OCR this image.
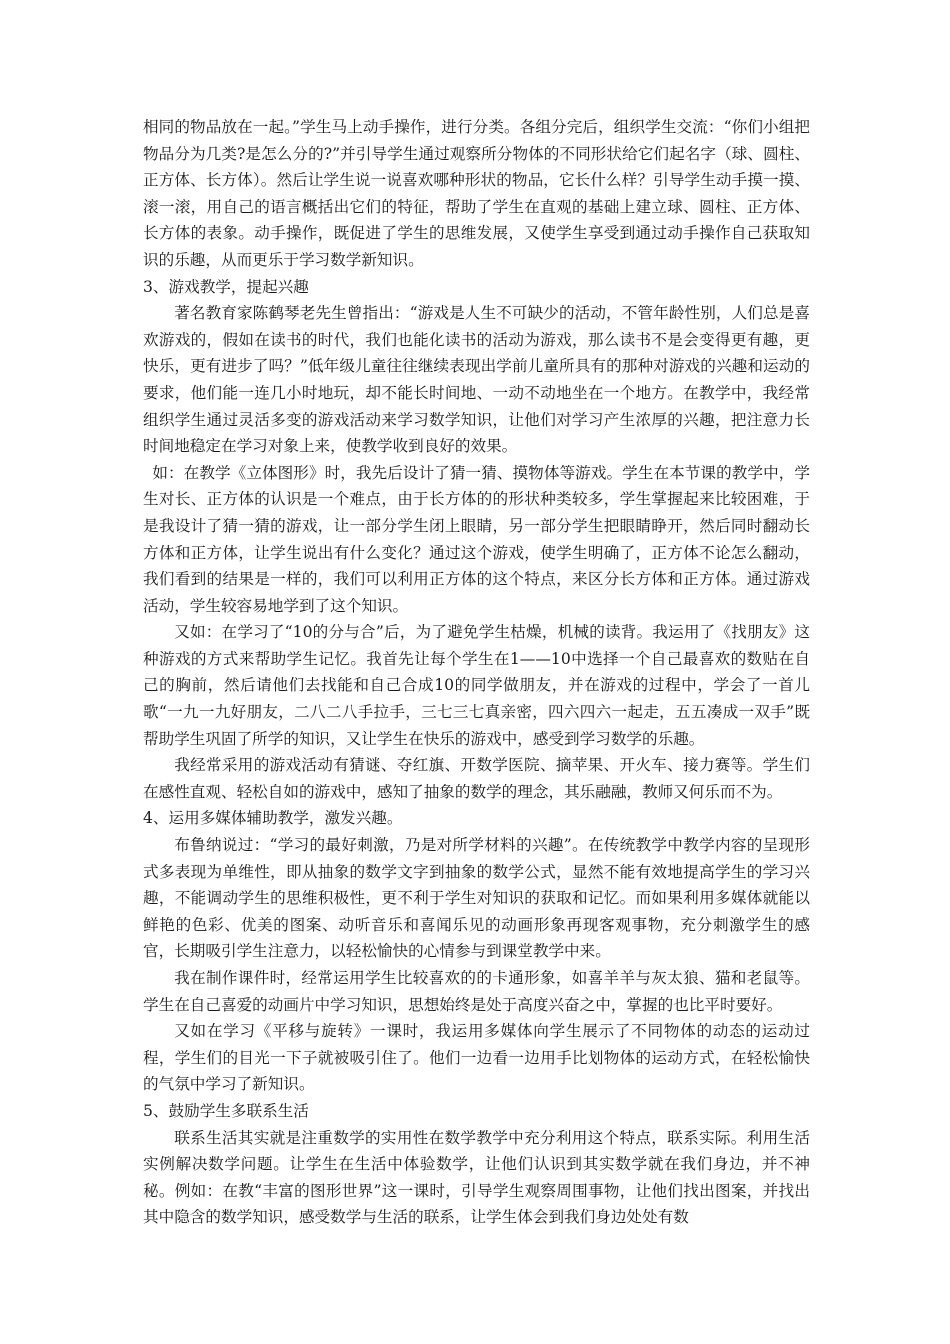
相同的物品放在一起。”学生马上动手操作，进行分类。各组分完后，组织学生交流：“你们小组把物品分为几类?是怎么分的?”并引导学生通过观察所分物体的不同形状给它们起名字（球、圆柱、正方体、长方体）。然后让学生说一说喜欢哪种形状的物品，它长什么样？引导学生动手摸一摸、滚一滚，用自己的语言概括出它们的特征，帮助了学生在直观的基础上建立球、圆柱、正方体、长方体的表象。动手操作，既促进了学生的思维发展，又使学生享受到通过动手操作自己获取知识的乐趣，从而更乐于学习数学新知识。

3、游戏教学，提起兴趣

著名教育家陈鹤琴老先生曾指出：“游戏是人生不可缺少的活动，不管年龄性别，人们总是喜欢游戏的，假如在读书的时代，我们也能化读书的活动为游戏，那么读书不是会变得更有趣，更快乐，更有进步了吗？”低年级儿童往往继续表现出学前儿童所具有的那种对游戏的兴趣和运动的要求，他们能一连几小时地玩，却不能长时间地、一动不动地坐在一个地方。在教学中，我经常组织学生通过灵活多变的游戏活动来学习数学知识，让他们对学习产生浓厚的兴趣，把注意力长时间地稳定在学习对象上来，使教学收到良好的效果。

如：在教学《立体图形》时，我先后设计了猜一猜、摸物体等游戏。学生在本节课的教学中，学生对长、正方体的认识是一个难点，由于长方体的的形状种类较多，学生掌握起来比较困难，于是我设计了猜一猜的游戏，让一部分学生闭上眼睛，另一部分学生把眼睛睁开，然后同时翻动长方体和正方体，让学生说出有什么变化？通过这个游戏，使学生明确了，正方体不论怎么翻动，我们看到的结果是一样的，我们可以利用正方体的这个特点，来区分长方体和正方体。通过游戏活动，学生较容易地学到了这个知识。

又如：在学习了“10的分与合”后，为了避免学生枯燥，机械的读背。我运用了《找朋友》这种游戏的方式来帮助学生记忆。我首先让每个学生在1——10中选择一个自己最喜欢的数贴在自己的胸前，然后请他们去找能和自己合成10的同学做朋友，并在游戏的过程中，学会了一首儿歌“一九一九好朋友，二八二八手拉手，三七三七真亲密，四六四六一起走，五五凑成一双手”既帮助学生巩固了所学的知识，又让学生在快乐的游戏中，感受到学习数学的乐趣。

我经常采用的游戏活动有猜谜、夺红旗、开数学医院、摘苹果、开火车、接力赛等。学生们在感性直观、轻松自如的游戏中，感知了抽象的数学的理念，其乐融融，教师又何乐而不为。

4、运用多媒体辅助教学，激发兴趣。

布鲁纳说过：“学习的最好刺激，乃是对所学材料的兴趣”。在传统教学中教学内容的呈现形式多表现为单维性，即从抽象的数学文字到抽象的数学公式，显然不能有效地提高学生的学习兴趣，不能调动学生的思维积极性，更不利于学生对知识的获取和记忆。而如果利用多媒体就能以鲜艳的色彩、优美的图案、动听音乐和喜闻乐见的动画形象再现客观事物，充分刺激学生的感官，长期吸引学生注意力，以轻松愉快的心情参与到课堂教学中来。

我在制作课件时，经常运用学生比较喜欢的的卡通形象，如喜羊羊与灰太狼、猫和老鼠等。学生在自己喜爱的动画片中学习知识，思想始终是处于高度兴奋之中，掌握的也比平时要好。

又如在学习《平移与旋转》一课时，我运用多媒体向学生展示了不同物体的动态的运动过程，学生们的目光一下子就被吸引住了。他们一边看一边用手比划物体的运动方式，在轻松愉快的气氛中学习了新知识。

5、鼓励学生多联系生活

联系生活其实就是注重数学的实用性在数学教学中充分利用这个特点，联系实际。利用生活实例解决数学问题。让学生在生活中体验数学，让他们认识到其实数学就在我们身边，并不神秘。例如：在教“丰富的图形世界”这一课时，引导学生观察周围事物，让他们找出图案，并找出其中隐含的数学知识，感受数学与生活的联系，让学生体会到我们身边处处有数
